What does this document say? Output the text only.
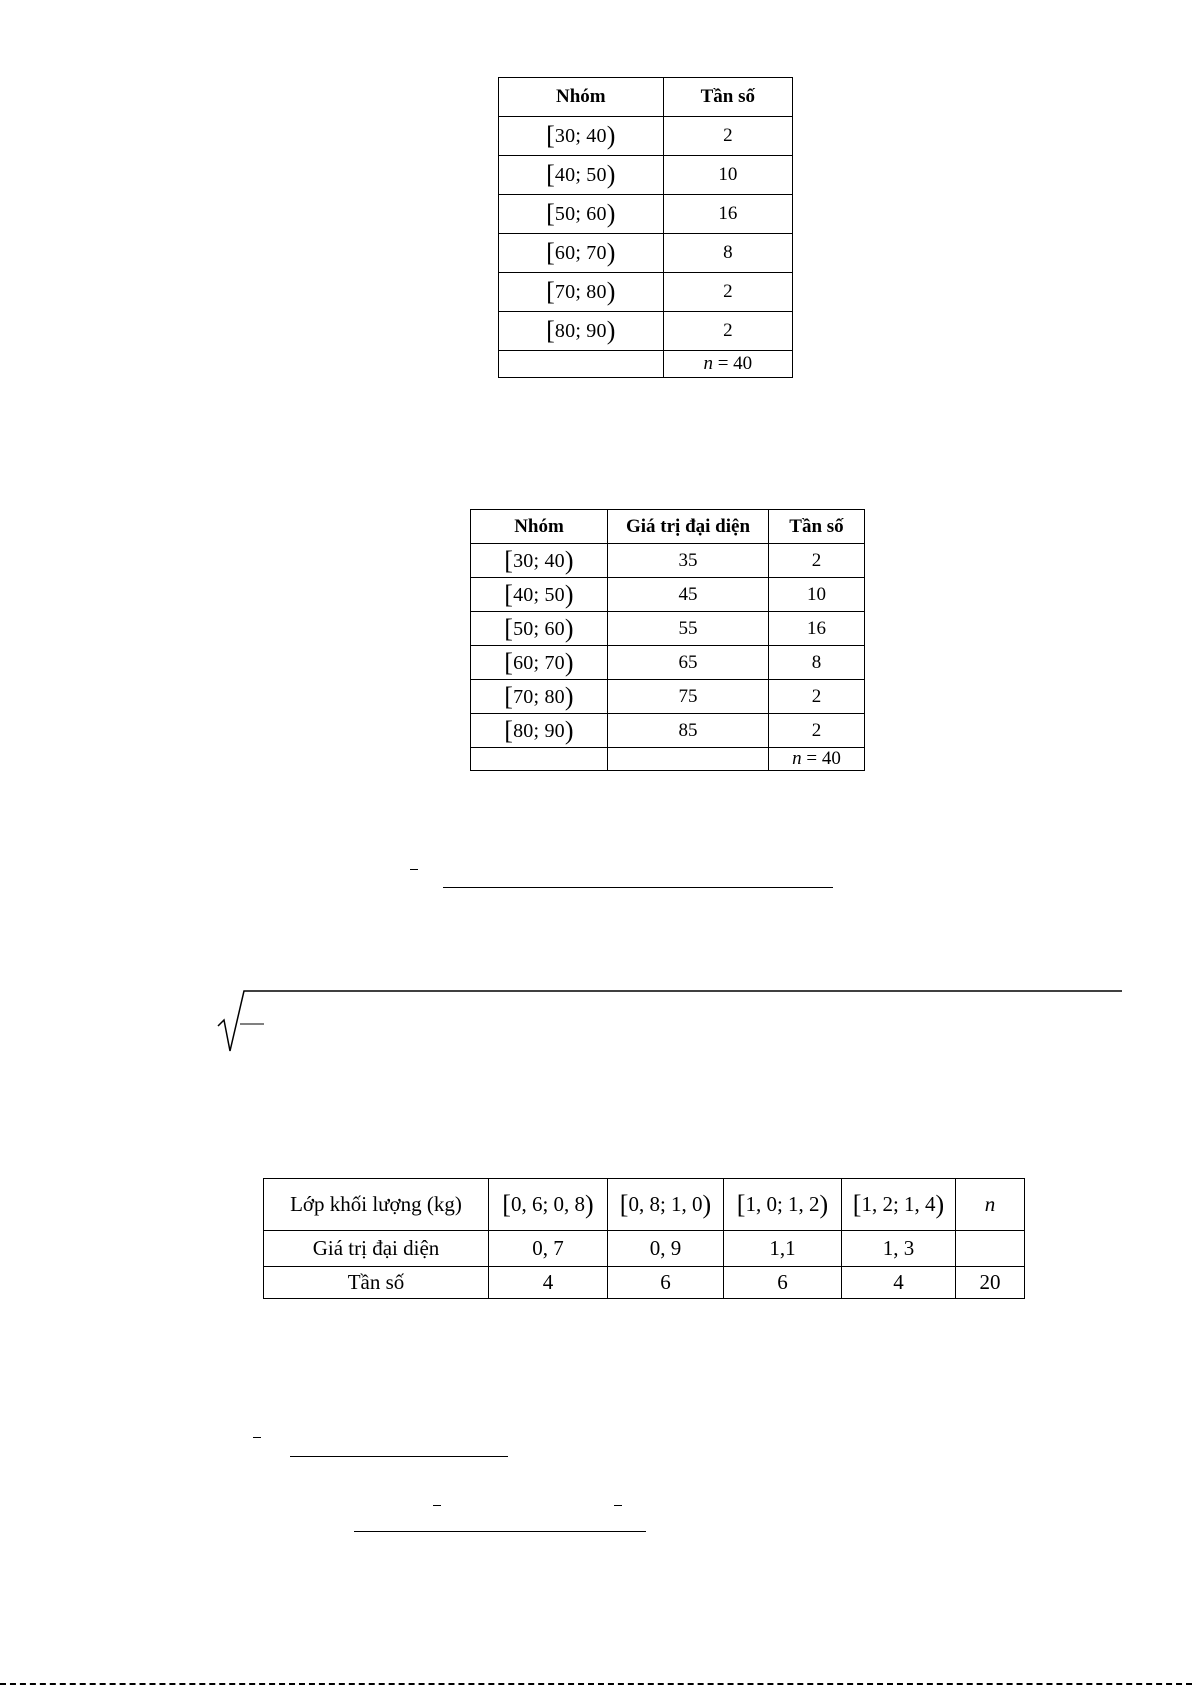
Nhóm	Tần số
[30; 40)	2
[40; 50)	10
[50; 60)	16
[60; 70)	8
[70; 80)	2
[80; 90)	2
	n = 40
Nhóm	Giá trị đại diện	Tần số
[30; 40)	35	2
[40; 50)	45	10
[50; 60)	55	16
[60; 70)	65	8
[70; 80)	75	2
[80; 90)	85	2
		n = 40
Lớp khối lượng (kg)	[0, 6; 0, 8)	[0, 8; 1, 0)	[1, 0; 1, 2)	[1, 2; 1, 4)	n
Giá trị đại diện	0, 7	0, 9	1,1	1, 3	
Tần số	4	6	6	4	20
